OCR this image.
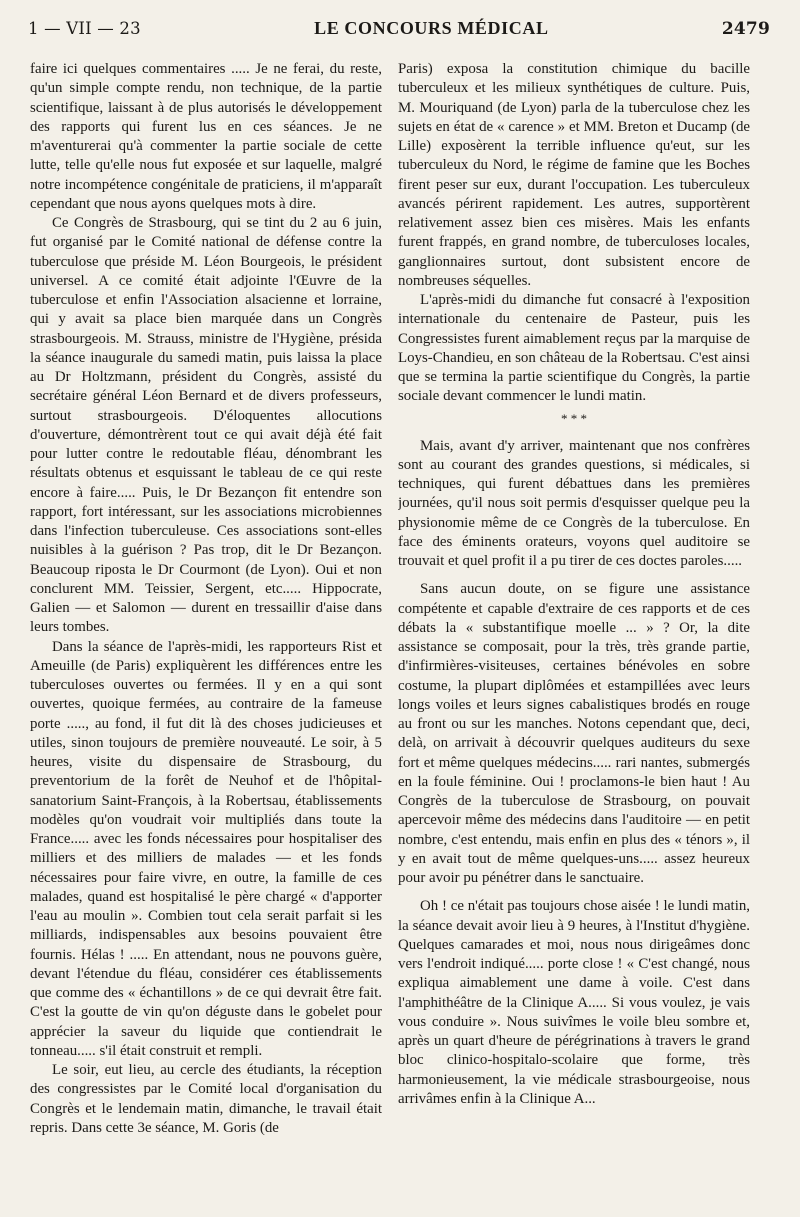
1 — VII — 23	LE CONCOURS MÉDICAL	2479

faire ici quelques commentaires ..... Je ne ferai, du reste, qu'un simple compte rendu, non technique, de la partie scientifique, laissant à de plus autorisés le développement des rapports qui furent lus en ces séances. Je ne m'aventurerai qu'à commenter la partie sociale de cette lutte, telle qu'elle nous fut exposée et sur laquelle, malgré notre incompétence congénitale de praticiens, il m'apparaît cependant que nous ayons quelques mots à dire.

Ce Congrès de Strasbourg, qui se tint du 2 au 6 juin, fut organisé par le Comité national de défense contre la tuberculose que préside M. Léon Bourgeois, le président universel. A ce comité était adjointe l'Œuvre de la tuberculose et enfin l'Association alsacienne et lorraine, qui y avait sa place bien marquée dans un Congrès strasbourgeois. M. Strauss, ministre de l'Hygiène, présida la séance inaugurale du samedi matin, puis laissa la place au Dr Holtzmann, président du Congrès, assisté du secrétaire général Léon Bernard et de divers professeurs, surtout strasbourgeois. D'éloquentes allocutions d'ouverture, démontrèrent tout ce qui avait déjà été fait pour lutter contre le redoutable fléau, dénombrant les résultats obtenus et esquissant le tableau de ce qui reste encore à faire..... Puis, le Dr Bezançon fit entendre son rapport, fort intéressant, sur les associations microbiennes dans l'infection tuberculeuse. Ces associations sont-elles nuisibles à la guérison ? Pas trop, dit le Dr Bezançon. Beaucoup riposta le Dr Courmont (de Lyon). Oui et non conclurent MM. Teissier, Sergent, etc..... Hippocrate, Galien — et Salomon — durent en tressaillir d'aise dans leurs tombes.

Dans la séance de l'après-midi, les rapporteurs Rist et Ameuille (de Paris) expliquèrent les différences entre les tuberculoses ouvertes ou fermées. Il y en a qui sont ouvertes, quoique fermées, au contraire de la fameuse porte ....., au fond, il fut dit là des choses judicieuses et utiles, sinon toujours de première nouveauté. Le soir, à 5 heures, visite du dispensaire de Strasbourg, du preventorium de la forêt de Neuhof et de l'hôpital-sanatorium Saint-François, à la Robertsau, établissements modèles qu'on voudrait voir multipliés dans toute la France..... avec les fonds nécessaires pour hospitaliser des milliers et des milliers de malades — et les fonds nécessaires pour faire vivre, en outre, la famille de ces malades, quand est hospitalisé le père chargé « d'apporter l'eau au moulin ». Combien tout cela serait parfait si les milliards, indispensables aux besoins pouvaient être fournis. Hélas ! ..... En attendant, nous ne pouvons guère, devant l'étendue du fléau, considérer ces établissements que comme des « échantillons » de ce qui devrait être fait. C'est la goutte de vin qu'on déguste dans le gobelet pour apprécier la saveur du liquide que contiendrait le tonneau..... s'il était construit et rempli.

Le soir, eut lieu, au cercle des étudiants, la réception des congressistes par le Comité local d'organisation du Congrès et le lendemain matin, dimanche, le travail était repris. Dans cette 3e séance, M. Goris (de

Paris) exposa la constitution chimique du bacille tuberculeux et les milieux synthétiques de culture. Puis, M. Mouriquand (de Lyon) parla de la tuberculose chez les sujets en état de « carence » et MM. Breton et Ducamp (de Lille) exposèrent la terrible influence qu'eut, sur les tuberculeux du Nord, le régime de famine que les Boches firent peser sur eux, durant l'occupation. Les tuberculeux avancés périrent rapidement. Les autres, supportèrent relativement assez bien ces misères. Mais les enfants furent frappés, en grand nombre, de tuberculoses locales, ganglionnaires surtout, dont subsistent encore de nombreuses séquelles.

L'après-midi du dimanche fut consacré à l'exposition internationale du centenaire de Pasteur, puis les Congressistes furent aimablement reçus par la marquise de Loys-Chandieu, en son château de la Robertsau. C'est ainsi que se termina la partie scientifique du Congrès, la partie sociale devant commencer le lundi matin.

* * *

Mais, avant d'y arriver, maintenant que nos confrères sont au courant des grandes questions, si médicales, si techniques, qui furent débattues dans les premières journées, qu'il nous soit permis d'esquisser quelque peu la physionomie même de ce Congrès de la tuberculose. En face des éminents orateurs, voyons quel auditoire se trouvait et quel profit il a pu tirer de ces doctes paroles.....

Sans aucun doute, on se figure une assistance compétente et capable d'extraire de ces rapports et de ces débats la « substantifique moelle ... » ? Or, la dite assistance se composait, pour la très, très grande partie, d'infirmières-visiteuses, certaines bénévoles en sobre costume, la plupart diplômées et estampillées avec leurs longs voiles et leurs signes cabalistiques brodés en rouge au front ou sur les manches. Notons cependant que, deci, delà, on arrivait à découvrir quelques auditeurs du sexe fort et même quelques médecins..... rari nantes, submergés en la foule féminine. Oui ! proclamons-le bien haut ! Au Congrès de la tuberculose de Strasbourg, on pouvait apercevoir même des médecins dans l'auditoire — en petit nombre, c'est entendu, mais enfin en plus des « ténors », il y en avait tout de même quelques-uns..... assez heureux pour avoir pu pénétrer dans le sanctuaire.

Oh ! ce n'était pas toujours chose aisée ! le lundi matin, la séance devait avoir lieu à 9 heures, à l'Institut d'hygiène. Quelques camarades et moi, nous nous dirigeâmes donc vers l'endroit indiqué..... porte close ! « C'est changé, nous expliqua aimablement une dame à voile. C'est dans l'amphithéâtre de la Clinique A..... Si vous voulez, je vais vous conduire ». Nous suivîmes le voile bleu sombre et, après un quart d'heure de pérégrinations à travers le grand bloc clinico-hospitalo-scolaire que forme, très harmonieusement, la vie médicale strasbourgeoise, nous arrivâmes enfin à la Clinique A...
